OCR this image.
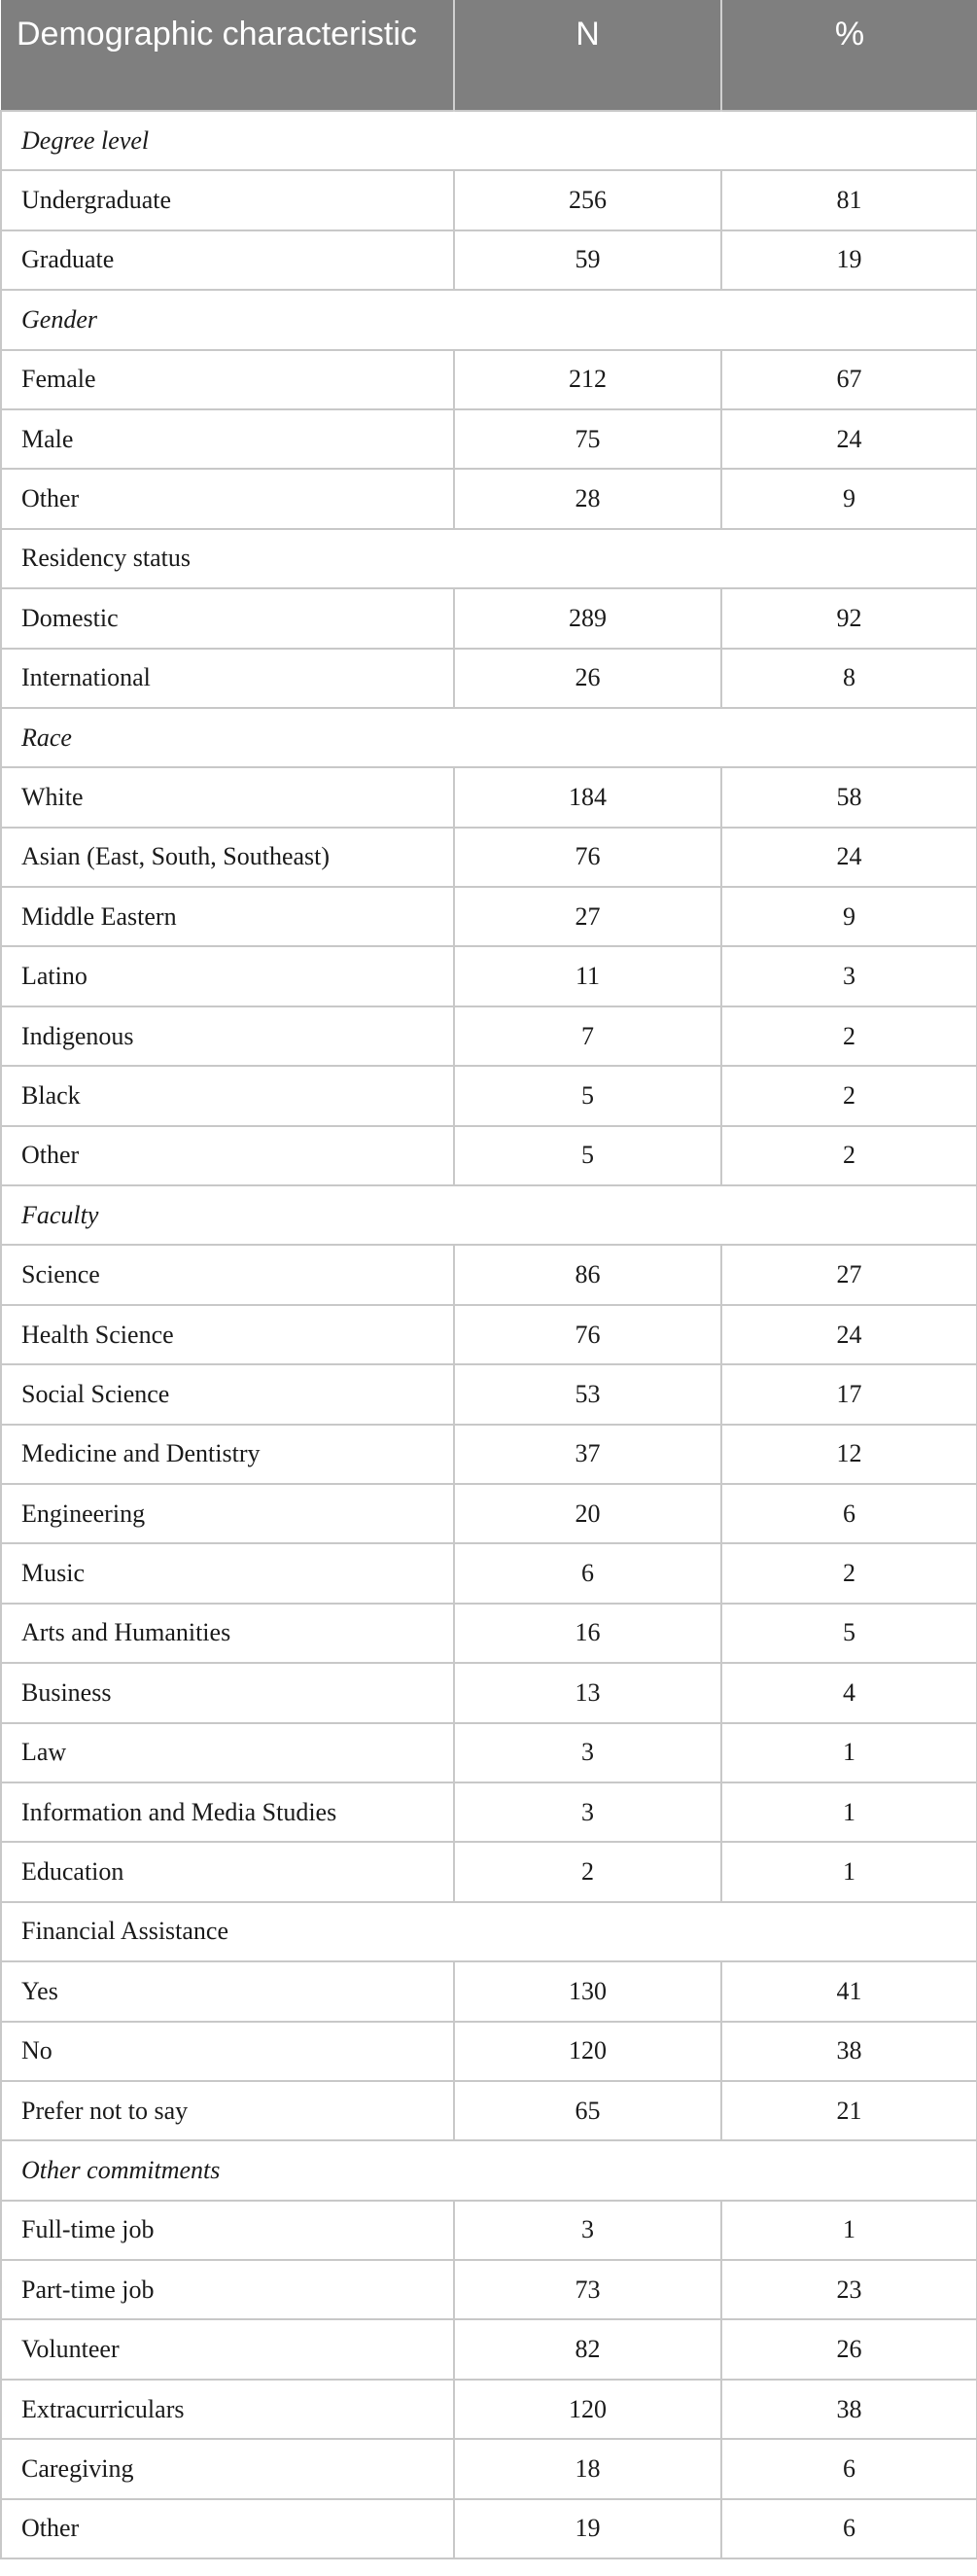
Demographic characteristic	N	%
Degree level		
Undergraduate	256	81
Graduate	59	19
Gender		
Female	212	67
Male	75	24
Other	28	9
Residency status		
Domestic	289	92
International	26	8
Race		
White	184	58
Asian (East, South, Southeast)	76	24
Middle Eastern	27	9
Latino	11	3
Indigenous	7	2
Black	5	2
Other	5	2
Faculty		
Science	86	27
Health Science	76	24
Social Science	53	17
Medicine and Dentistry	37	12
Engineering	20	6
Music	6	2
Arts and Humanities	16	5
Business	13	4
Law	3	1
Information and Media Studies	3	1
Education	2	1
Financial Assistance		
Yes	130	41
No	120	38
Prefer not to say	65	21
Other commitments		
Full-time job	3	1
Part-time job	73	23
Volunteer	82	26
Extracurriculars	120	38
Caregiving	18	6
Other	19	6
